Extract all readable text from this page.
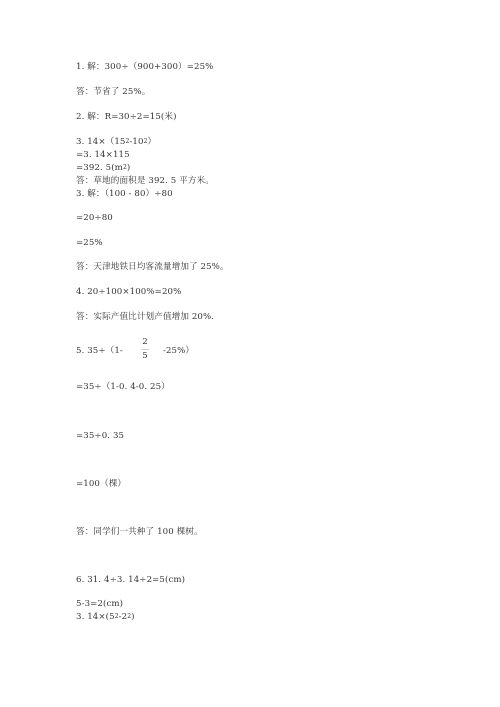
1. 解：300÷（900+300）=25%
答：节省了 25%。
2. 解：R=30÷2=15(米)
3. $14\times(15^2-10^2)$
=3. 14×115
=392. $5(m^2)$
答：草地的面积是 392. 5 平方米。
3. 解：（100 - 80）÷80
=20÷80
=25%
答：天津地铁日均客流量增加了 25%。
4. 20÷100×100%=20%
答：实际产值比计划产值增加 20%.
5. 35÷（1-	-25%）
2
5
=35÷（1-0. 4-0. 25）
=35÷0. 35
=100（棵）
答：同学们一共种了 100 棵树。
6. 31. 4÷3. 14÷2=5(cm)
5-3=2(cm)
3. $14\times(5^2-2^2)$
